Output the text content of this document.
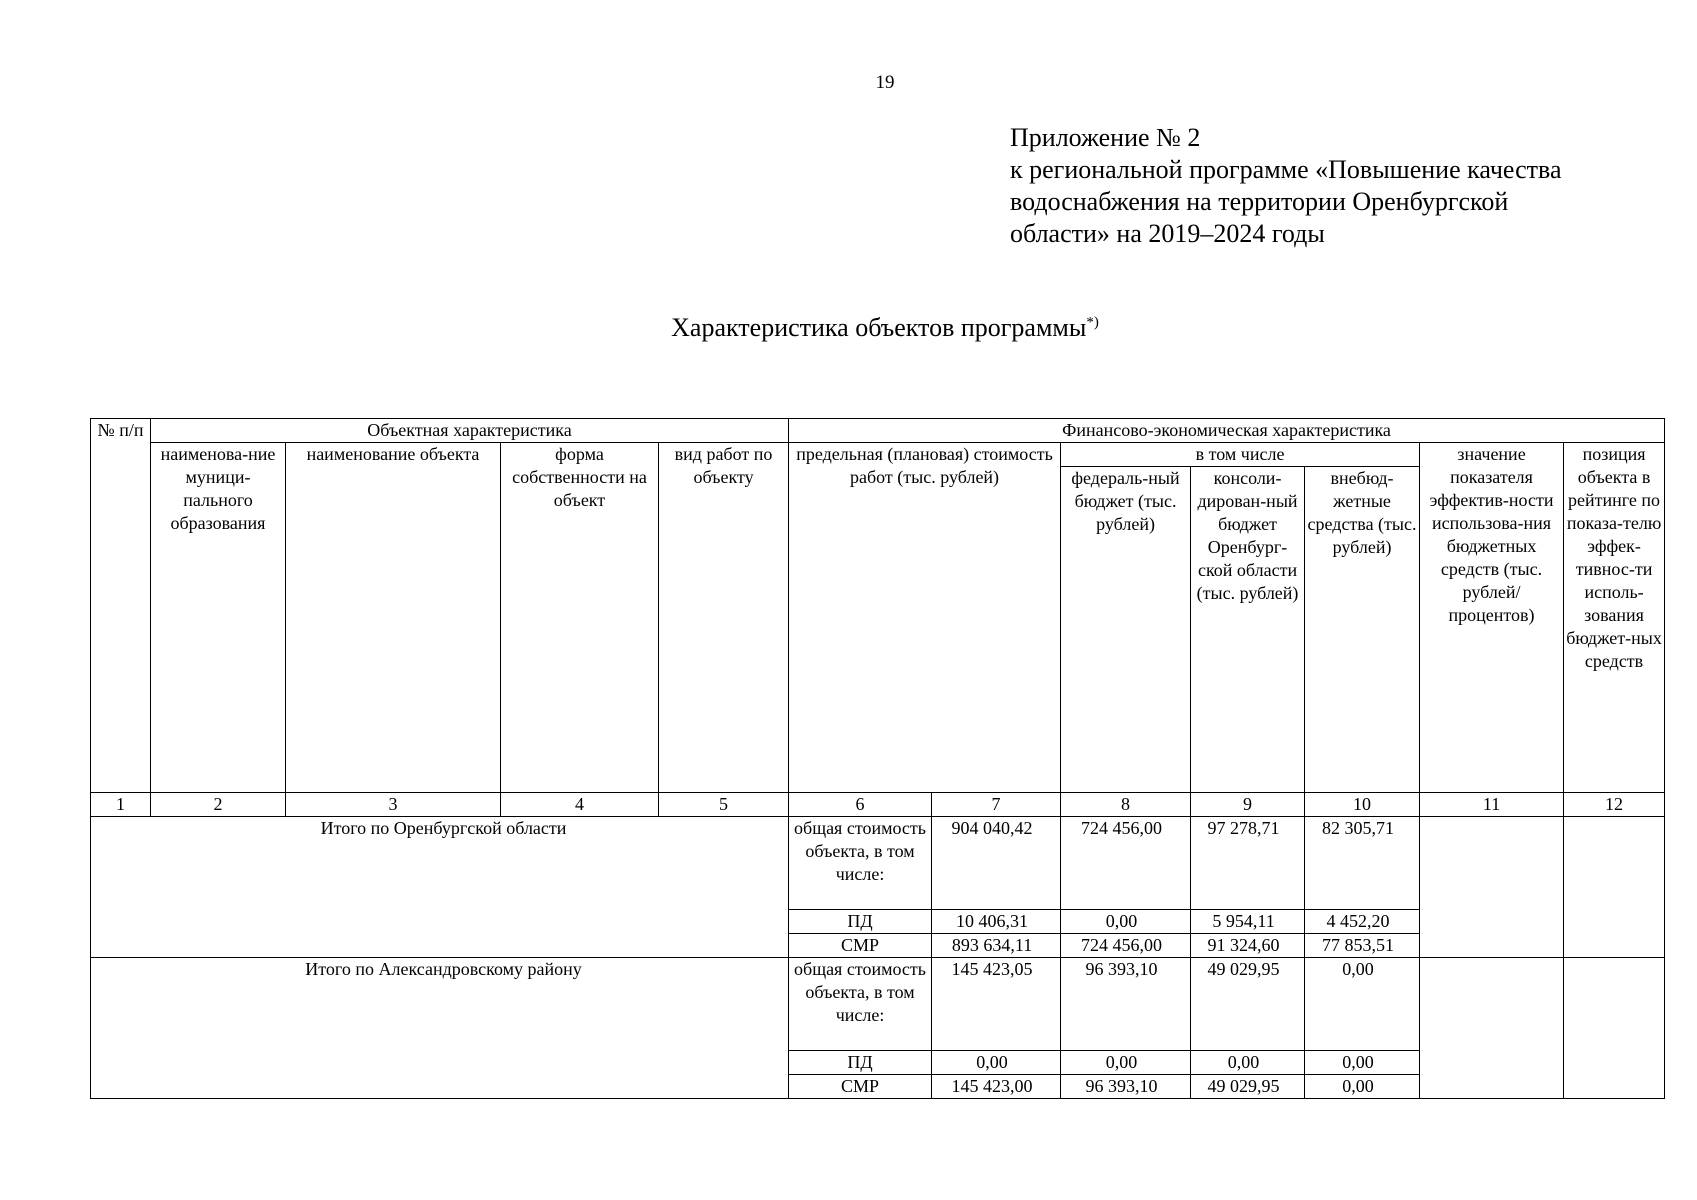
19
Приложение № 2
к региональной программе «Повышение качества
водоснабжения на территории Оренбургской
области» на 2019–2024 годы
Характеристика объектов программы*)
№ п/п	Объектная характеристика				Финансово-экономическая характеристика						
	наименова-ние муници-пального образования	наименование объекта	форма собственности на объект	вид работ по объекту	предельная (плановая) стоимость работ (тыс. рублей)		в том числе			значение показателя эффектив-ности использова-ния бюджетных средств (тыс. рублей/ процентов)	позиция объекта в рейтинге по показа-телю эффек-тивнос-ти исполь-зования бюджет-ных средств
							федераль-ный бюджет (тыс. рублей)	консоли-дирован-ный бюджет Оренбург-ской области (тыс. рублей)	внебюд-жетные средства (тыс. рублей)		
1	2	3	4	5	6	7	8	9	10	11	12
Итого по Оренбургской области					общая стоимость объекта, в том числе:	904 040,42	724 456,00	97 278,71	82 305,71		
					ПД	10 406,31	0,00	5 954,11	4 452,20		
					СМР	893 634,11	724 456,00	91 324,60	77 853,51		
Итого по Александровскому району					общая стоимость объекта, в том числе:	145 423,05	96 393,10	49 029,95	0,00		
					ПД	0,00	0,00	0,00	0,00		
					СМР	145 423,00	96 393,10	49 029,95	0,00		
